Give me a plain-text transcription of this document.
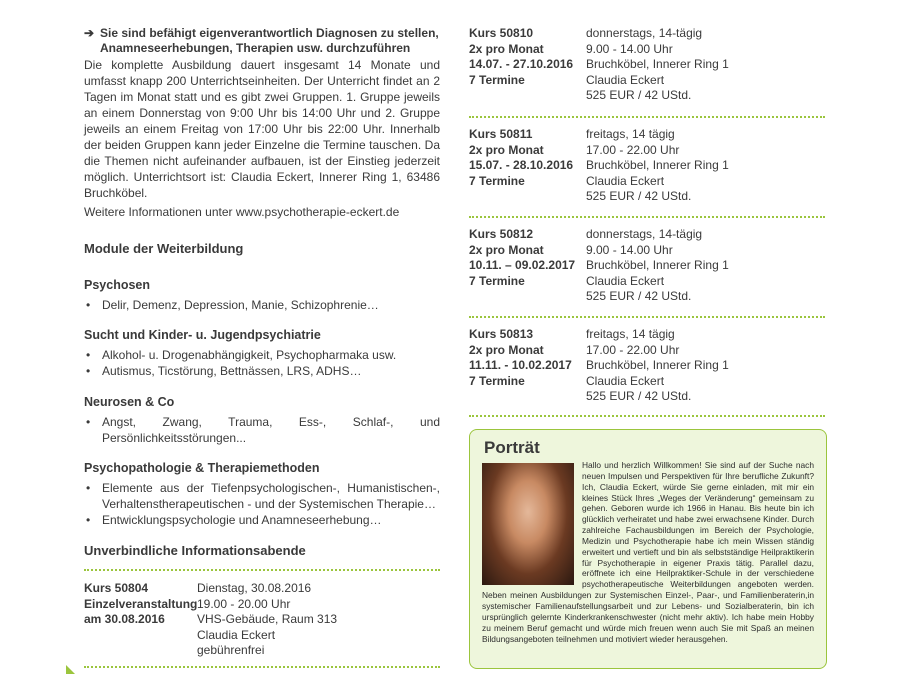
➔ Sie sind befähigt eigenverantwortlich Diagnosen zu stellen,
Anamneseerhebungen, Therapien usw. durchzuführen
Die komplette Ausbildung dauert insgesamt 14 Monate und umfasst knapp 200 Unterrichtseinheiten. Der Unterricht findet an 2 Tagen im Monat statt und es gibt zwei Gruppen. 1. Gruppe jeweils an einem Donnerstag von 9:00 Uhr bis 14:00 Uhr und 2. Gruppe jeweils an einem Freitag von 17:00 Uhr bis 22:00 Uhr. Innerhalb der beiden Gruppen kann jeder Einzelne die Termine tauschen. Da die Themen nicht aufeinander aufbauen, ist der Einstieg jederzeit möglich. Unterrichtsort ist: Claudia Eckert, Innerer Ring 1, 63486 Bruchköbel.
Weitere Informationen unter www.psychotherapie-eckert.de
Module der Weiterbildung
Psychosen
• Delir, Demenz, Depression, Manie, Schizophrenie…
Sucht und Kinder- u. Jugendpsychiatrie
• Alkohol- u. Drogenabhängigkeit, Psychopharmaka usw.
• Autismus, Ticstörung, Bettnässen, LRS, ADHS…
Neurosen & Co
• Angst, Zwang, Trauma, Ess-, Schlaf-, und Persönlichkeitsstörungen...
Psychopathologie & Therapiemethoden
• Elemente aus der Tiefenpsychologischen-, Humanistischen-, Verhaltenstherapeutischen - und der Systemischen Therapie…
• Entwicklungspsychologie und Anamneseerhebung…
Unverbindliche Informationsabende
Kurs 50804
Einzelveranstaltung
am 30.08.2016
Dienstag, 30.08.2016
19.00 - 20.00 Uhr
VHS-Gebäude, Raum 313
Claudia Eckert
gebührenfrei
Kurs 50810
2x pro Monat
14.07. - 27.10.2016
7 Termine
donnerstags, 14-tägig
9.00 - 14.00 Uhr
Bruchköbel, Innerer Ring 1
Claudia Eckert
525 EUR / 42 UStd.
Kurs 50811
2x pro Monat
15.07. - 28.10.2016
7 Termine
freitags, 14 tägig
17.00 - 22.00 Uhr
Bruchköbel, Innerer Ring 1
Claudia Eckert
525 EUR / 42 UStd.
Kurs 50812
2x pro Monat
10.11. – 09.02.2017
7 Termine
donnerstags, 14-tägig
9.00 - 14.00 Uhr
Bruchköbel, Innerer Ring 1
Claudia Eckert
525 EUR / 42 UStd.
Kurs 50813
2x pro Monat
11.11. - 10.02.2017
7 Termine
freitags, 14 tägig
17.00 - 22.00 Uhr
Bruchköbel, Innerer Ring 1
Claudia Eckert
525 EUR / 42 UStd.
Porträt
Hallo und herzlich Willkommen! Sie sind auf der Suche nach neuen Impulsen und Perspektiven für Ihre berufliche Zukunft? Ich, Claudia Eckert, würde Sie gerne einladen, mit mir ein kleines Stück Ihres „Weges der Veränderung“ gemeinsam zu gehen. Geboren wurde ich 1966 in Hanau. Bis heute bin ich glücklich verheiratet und habe zwei erwachsene Kinder. Durch zahlreiche Fachausbildungen im Bereich der Psychologie, Medizin und Psychotherapie habe ich mein Wissen ständig erweitert und vertieft und bin als selbstständige Heilpraktikerin für Psychotherapie in eigener Praxis tätig. Parallel dazu, eröffnete ich eine Heilpraktiker-Schule in der verschiedene psychotherapeutische Weiterbildungen angeboten werden. Neben meinen Ausbildungen zur Systemischen Einzel-, Paar-, und Familienberaterin,in systemischer Familienaufstellungsarbeit und zur Lebens- und Sozialberaterin, bin ich ursprünglich gelernte Kinderkrankenschwester (nicht mehr aktiv). Ich habe mein Hobby zu meinem Beruf gemacht und würde mich freuen wenn auch Sie mit Spaß an meinen Bildungsangeboten teilnehmen und motiviert wieder herausgehen.
